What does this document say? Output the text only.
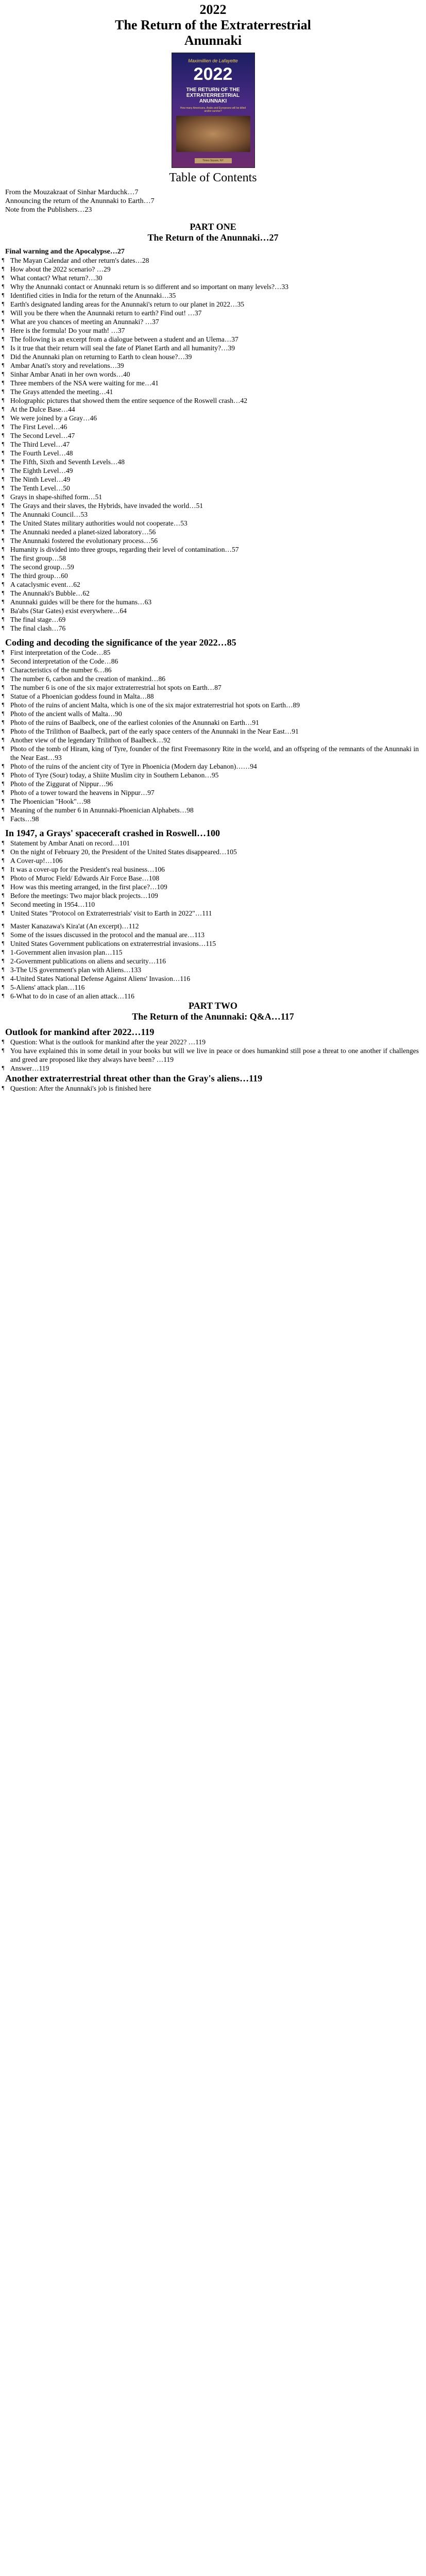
2022
The Return of the Extraterrestrial
Anunnaki
Maximillien de Lafayette
2022
THE RETURN OF THE EXTRATERRESTRIAL ANUNNAKI
How many Americans, Arabs and Europeans will be killed and/or survive?
Times Square, NY
Table of Contents

From the Mouzakraat of Sinhar Marduchk…7

Announcing the return of the Anunnaki to Earth…7

Note from the Publishers…23

PART ONE

The Return of the Anunnaki…27

Final warning and the Apocalypse…27

¶ The Mayan Calendar and other return's dates…28

¶ How about the 2022 scenario? …29

¶ What contact? What return?…30

¶ Why the Anunnaki contact or Anunnaki return is so different and so important on many levels?…33

¶ Identified cities in India for the return of the Anunnaki…35

¶ Earth's designated landing areas for the Anunnaki's return to our planet in 2022…35

¶ Will you be there when the Anunnaki return to earth? Find out! …37

¶ What are you chances of meeting an Anunnaki? …37

¶ Here is the formula! Do your math! …37

¶ The following is an excerpt from a dialogue between a student and an Ulema…37

¶ Is it true that their return will seal the fate of Planet Earth and all humanity?…39

¶ Did the Anunnaki plan on returning to Earth to clean house?…39

¶ Ambar Anati's story and revelations…39

¶ Sinhar Ambar Anati in her own words…40

¶ Three members of the NSA were waiting for me…41

¶ The Grays attended the meeting…41

¶ Holographic pictures that showed them the entire sequence of the Roswell crash…42

¶ At the Dulce Base…44

¶ We were joined by a Gray…46

¶ The First Level…46

¶ The Second Level…47

¶ The Third Level…47

¶ The Fourth Level…48

¶ The Fifth, Sixth and Seventh Levels…48

¶ The Eighth Level…49

¶ The Ninth Level…49

¶ The Tenth Level…50

¶ Grays in shape-shifted form…51

¶ The Grays and their slaves, the Hybrids, have invaded the world…51

¶ The Anunnaki Council…53

¶ The United States military authorities would not cooperate…53

¶ The Anunnaki needed a planet-sized laboratory…56

¶ The Anunnaki fostered the evolutionary process…56

¶ Humanity is divided into three groups, regarding their level of contamination…57

¶ The first group…58

¶ The second group…59

¶ The third group…60

¶ A cataclysmic event…62

¶ The Anunnaki's Bubble…62

¶ Anunnaki guides will be there for the humans…63

¶ Ba'abs (Star Gates) exist everywhere…64

¶ The final stage…69

¶ The final clash…76

Coding and decoding the significance of the year 2022…85

¶ First interpretation of the Code…85

¶ Second interpretation of the Code…86

¶ Characteristics of the number 6…86

¶ The number 6, carbon and the creation of mankind…86

¶ The number 6 is one of the six major extraterrestrial hot spots on Earth…87

¶ Statue of a Phoenician goddess found in Malta…88

¶ Photo of the ruins of ancient Malta, which is one of the six major extraterrestrial hot spots on Earth…89

¶ Photo of the ancient walls of Malta…90

¶ Photo of the ruins of Baalbeck, one of the earliest colonies of the Anunnaki on Earth…91

¶ Photo of the Trilithon of Baalbeck, part of the early space centers of the Anunnaki in the Near East…91

¶ Another view of the legendary Trilithon of Baalbeck…92

¶ Photo of the tomb of Hiram, king of Tyre, founder of the first Freemasonry Rite in the world, and an offspring of the remnants of the Anunnaki in the Near East…93

¶ Photo of the ruins of the ancient city of Tyre in Phoenicia (Modern day Lebanon)……94

¶ Photo of Tyre (Sour) today, a Shiite Muslim city in Southern Lebanon…95

¶ Photo of the Ziggurat of Nippur…96

¶ Photo of a tower toward the heavens in Nippur…97

¶ The Phoenician "Hook"…98

¶ Meaning of the number 6 in Anunnaki-Phoenician Alphabets…98

¶ Facts…98

In 1947, a Grays' spaceceraft crashed in Roswell…100

¶ Statement by Ambar Anati on record…101

¶ On the night of February 20, the President of the United States disappeared…105

¶ A Cover-up!…106

¶ It was a cover-up for the President's real business…106

¶ Photo of Muroc Field/ Edwards Air Force Base…108

¶ How was this meeting arranged, in the first place?…109

¶ Before the meetings: Two major black projects…109

¶ Second meeting in 1954…110

¶ United States "Protocol on Extraterrestrials' visit to Earth in 2022"…111

¶ Master Kanazawa's Kira'at (An excerpt)…112

¶ Some of the issues discussed in the protocol and the manual are…113

¶ United States Government publications on extraterrestrial invasions…115

¶ 1-Government alien invasion plan…115

¶ 2-Government publications on aliens and security…116

¶ 3-The US government's plan with Aliens…133

¶ 4-United States National Defense Against Aliens' Invasion…116

¶ 5-Aliens' attack plan…116

¶ 6-What to do in case of an alien attack…116

PART TWO

The Return of the Anunnaki: Q&A…117

Outlook for mankind after 2022…119

¶ Question: What is the outlook for mankind after the year 2022? …119

¶ You have explained this in some detail in your books but will we live in peace or does humankind still pose a threat to one another if challenges and greed are proposed like they always have been? …119

¶ Answer…119

Another extraterrestrial threat other than the Gray's aliens…119

¶ Question: After the Anunnaki's job is finished here
